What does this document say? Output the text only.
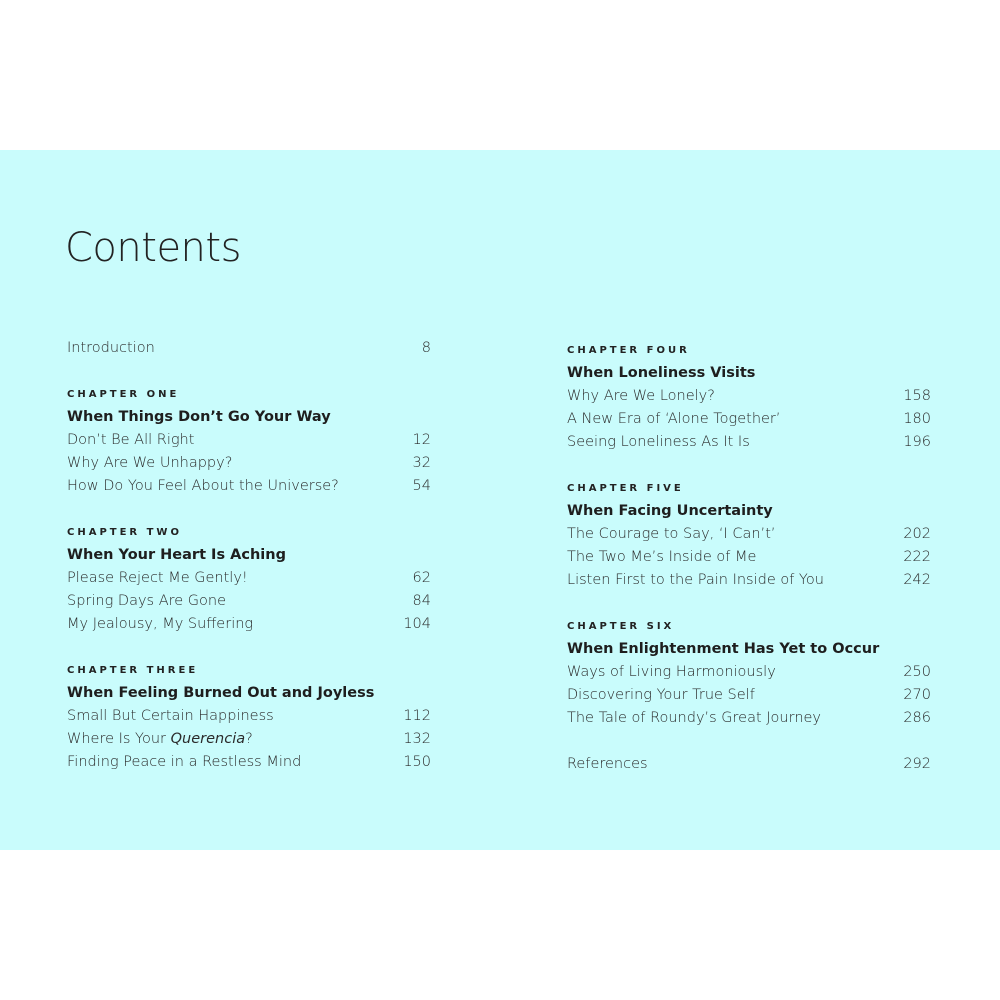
Contents
Introduction	8
CHAPTER ONE
When Things Don’t Go Your Way
Don’t Be All Right	12
Why Are We Unhappy?	32
How Do You Feel About the Universe?	54
CHAPTER TWO
When Your Heart Is Aching
Please Reject Me Gently!	62
Spring Days Are Gone	84
My Jealousy, My Suffering	104
CHAPTER THREE
When Feeling Burned Out and Joyless
Small But Certain Happiness	112
Where Is Your Querencia?	132
Finding Peace in a Restless Mind	150
CHAPTER FOUR
When Loneliness Visits
Why Are We Lonely?	158
A New Era of ‘Alone Together’	180
Seeing Loneliness As It Is	196
CHAPTER FIVE
When Facing Uncertainty
The Courage to Say, ‘I Can’t’	202
The Two Me’s Inside of Me	222
Listen First to the Pain Inside of You	242
CHAPTER SIX
When Enlightenment Has Yet to Occur
Ways of Living Harmoniously	250
Discovering Your True Self	270
The Tale of Roundy’s Great Journey	286
References	292
